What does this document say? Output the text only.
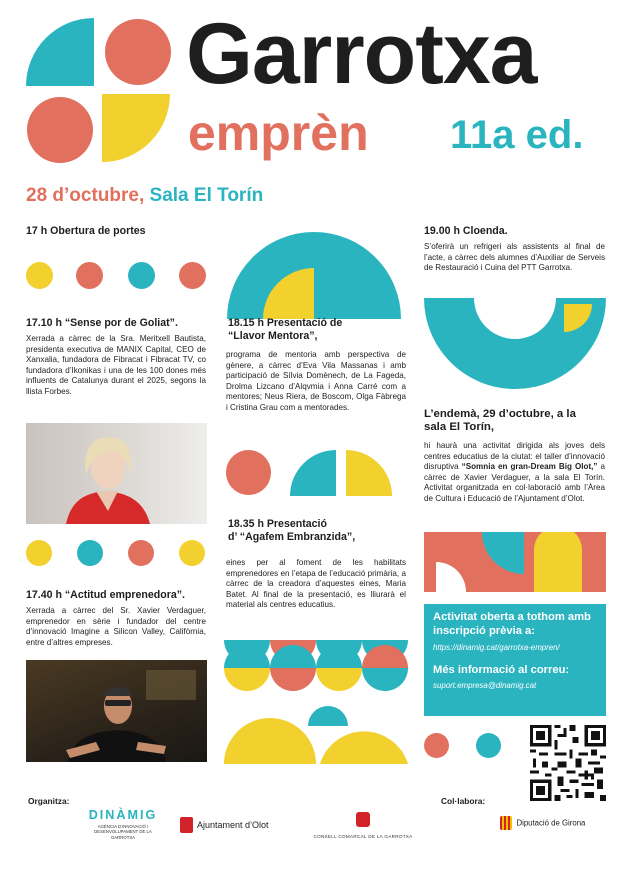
Garrotxa
emprèn 11a ed.
28 d’octubre, Sala El Torín
17 h Obertura de portes
17.10 h “Sense por de Goliat”.
Xerrada a càrrec de la Sra. Meritxell Bautista, presidenta executiva de MANIX Capital, CEO de Xanxalia, fundadora de Fibracat i Fibracat TV, co fundadora d’Ikonikas i una de les 100 dones més influents de Catalunya durant el 2025, segons la llista Forbes.
17.40 h “Actitud emprenedora”.
Xerrada a càrrec del Sr. Xavier Verdaguer, emprenedor en sèrie i fundador del centre d’innovació Imagine a Silicon Valley, Califòrnia, entre d’altres empreses.
18.15 h Presentació de
“Llavor Mentora”,
programa de mentoria amb perspectiva de gènere, a càrrec d’Eva Vila Massanas i amb participació de Sílvia Domènech, de La Fageda, Drolma Lizcano d’Alqvmia i Anna Carré com a mentores; Neus Riera, de Boscom, Olga Fàbrega i Cristina Grau com a mentorades.
18.35 h Presentació
d’ “Agafem Embranzida”,
eines per al foment de les habilitats emprenedores en l’etapa de l’educació primària, a càrrec de la creadora d’aquestes eines, Maria Batet. Al final de la presentació, es lliurarà el material als centres educatius.
19.00 h Cloenda.
S’oferirà un refrigeri als assistents al final de l’acte, a càrrec dels alumnes d’Auxiliar de Serveis de Restauració i Cuina del PTT Garrotxa.
L’endemà, 29 d’octubre, a la
sala El Torín,
hi haurà una activitat dirigida als joves dels centres educatius de la ciutat: el taller d’innovació disruptiva “Somnia en gran-Dream Big Olot,” a càrrec de Xavier Verdaguer, a la sala El Torín. Activitat organitzada en col·laboració amb l’Àrea de Cultura i Educació de l’Ajuntament d’Olot.
Activitat oberta a tothom amb inscripció prèvia a:
https://dinamig.cat/garrotxa-empren/
Més informació al correu:
suport.empresa@dinamig.cat
Organitza:	Col·labora:
DINÀMIG
AGÈNCIA D’INNOVACIÓ I DESENVOLUPAMENT DE LA GARROTXA
Ajuntament d’Olot
CONSELL COMARCAL DE LA GARROTXA
Diputació de Girona
